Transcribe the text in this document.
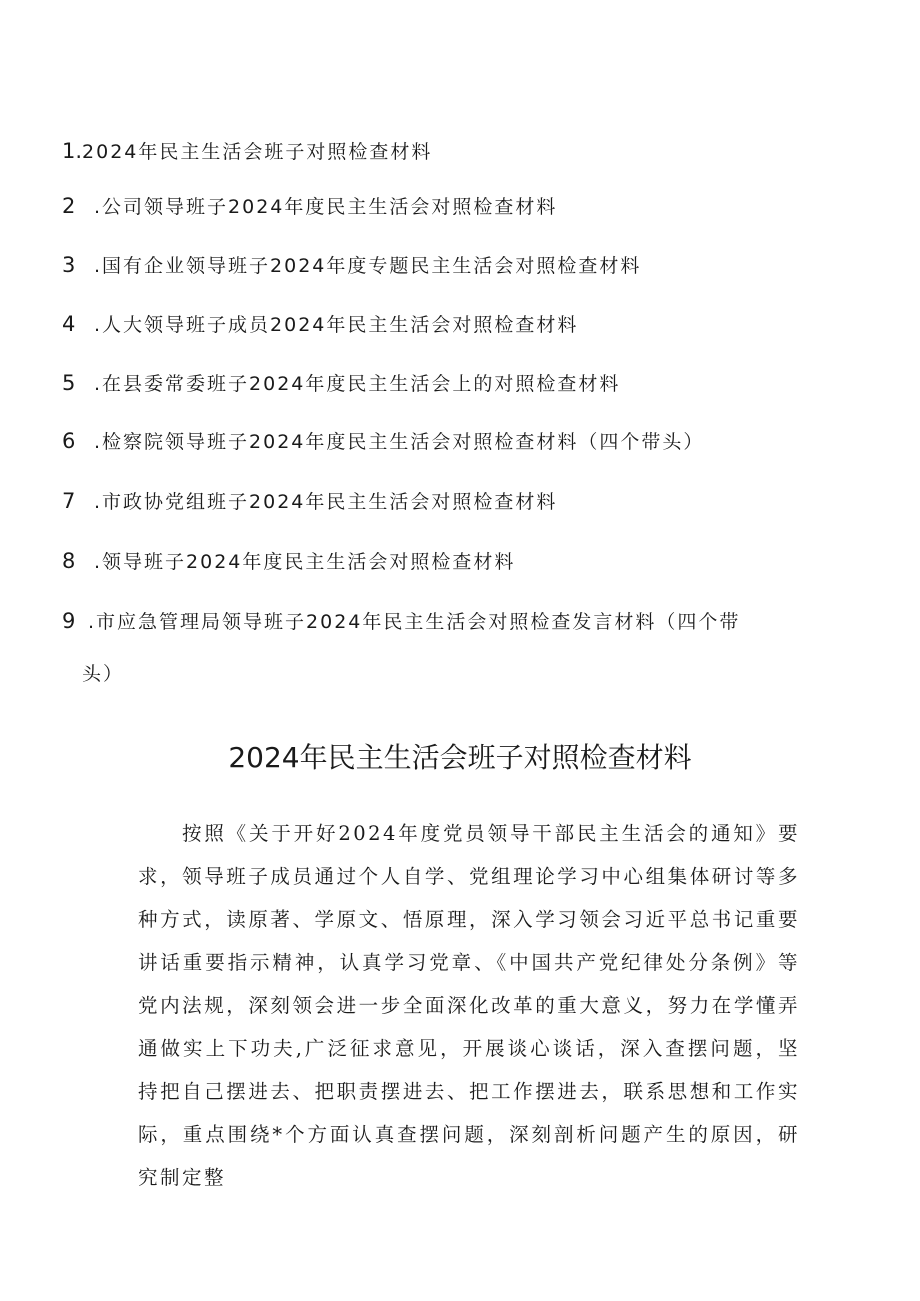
1.2024年民主生活会班子对照检查材料
2 .公司领导班子2024年度民主生活会对照检查材料
3 .国有企业领导班子2024年度专题民主生活会对照检查材料
4 .人大领导班子成员2024年民主生活会对照检查材料
5 .在县委常委班子2024年度民主生活会上的对照检查材料
6 .检察院领导班子2024年度民主生活会对照检查材料（四个带头）
7 .市政协党组班子2024年民主生活会对照检查材料
8 .领导班子2024年度民主生活会对照检查材料
9 .市应急管理局领导班子2024年民主生活会对照检查发言材料（四个带
头）
2024年民主生活会班子对照检查材料

按照《关于开好2024年度党员领导干部民主生活会的通知》要求，领导班子成员通过个人自学、党组理论学习中心组集体研讨等多种方式，读原著、学原文、悟原理，深入学习领会习近平总书记重要讲话重要指示精神，认真学习党章、《中国共产党纪律处分条例》等党内法规，深刻领会进一步全面深化改革的重大意义，努力在学懂弄通做实上下功夫,广泛征求意见，开展谈心谈话，深入查摆问题，坚持把自己摆进去、把职责摆进去、把工作摆进去，联系思想和工作实际，重点围绕*个方面认真查摆问题，深刻剖析问题产生的原因，研究制定整
